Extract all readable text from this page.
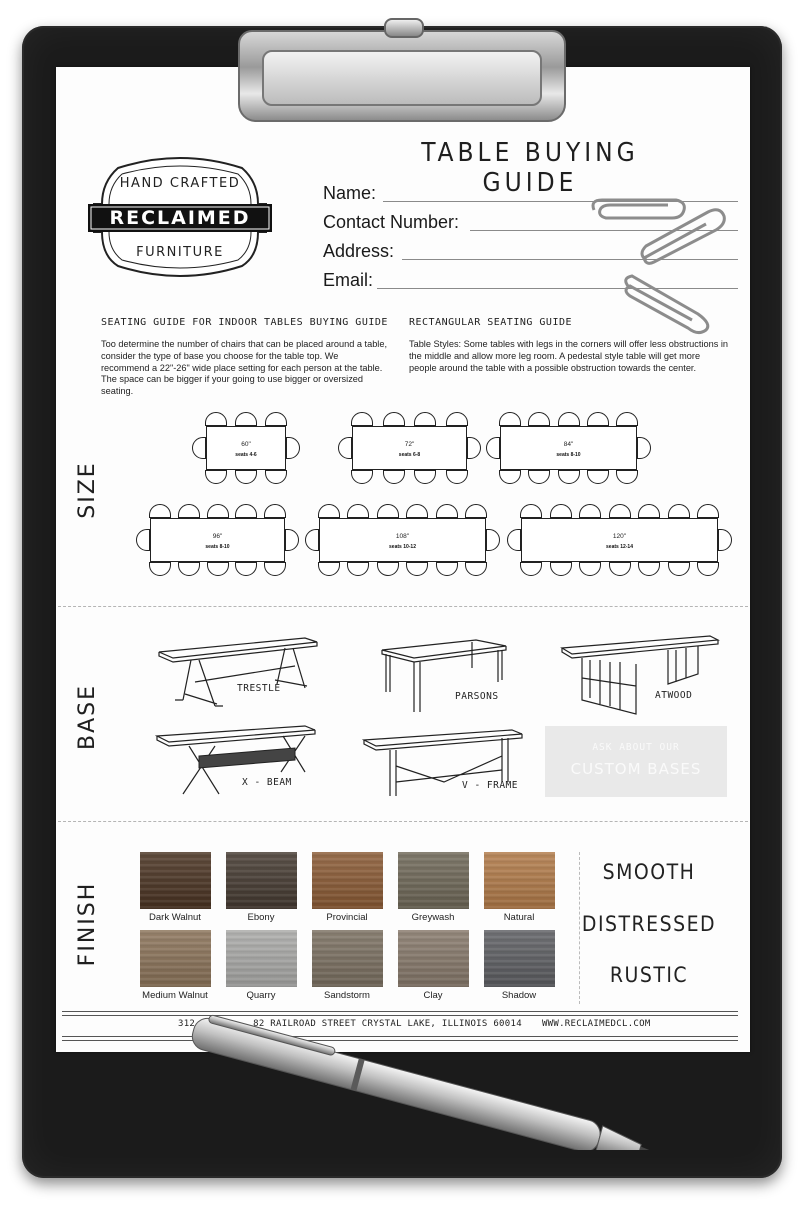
HAND CRAFTED
RECLAIMED
FURNITURE
TABLE BUYING GUIDE
Name:
Contact Number:
Address:
Email:
SEATING GUIDE FOR INDOOR TABLES BUYING GUIDE
Too determine the number of chairs that can be placed around a table, consider the type of base you choose for the table top. We recommend a 22"-26" wide place setting for each person at the table. The space can be bigger if your going to use bigger or oversized seating.
RECTANGULAR SEATING GUIDE
Table Styles: Some tables with legs in the corners will offer less obstructions in the middle and allow more leg room. A pedestal style table will get more people around the table with a possible obstruction towards the center.
SIZE
BASE
FINISH
60"
seats 4-6
72"
seats 6-8
84"
seats 8-10
96"
seats 8-10
108"
seats 10-12
120"
seats 12-14
TRESTLE
PARSONS	ATWOOD
X - BEAM	V - FRAME
ASK ABOUT OUR
CUSTOM BASES
Dark Walnut	Ebony	Provincial	Greywash	Natural
Medium Walnut	Quarry	Sandstorm	Clay	Shadow
SMOOTH
DISTRESSED
RUSTIC
312	82 RAILROAD STREET CRYSTAL LAKE, ILLINOIS 60014 WWW.RECLAIMEDCL.COM
